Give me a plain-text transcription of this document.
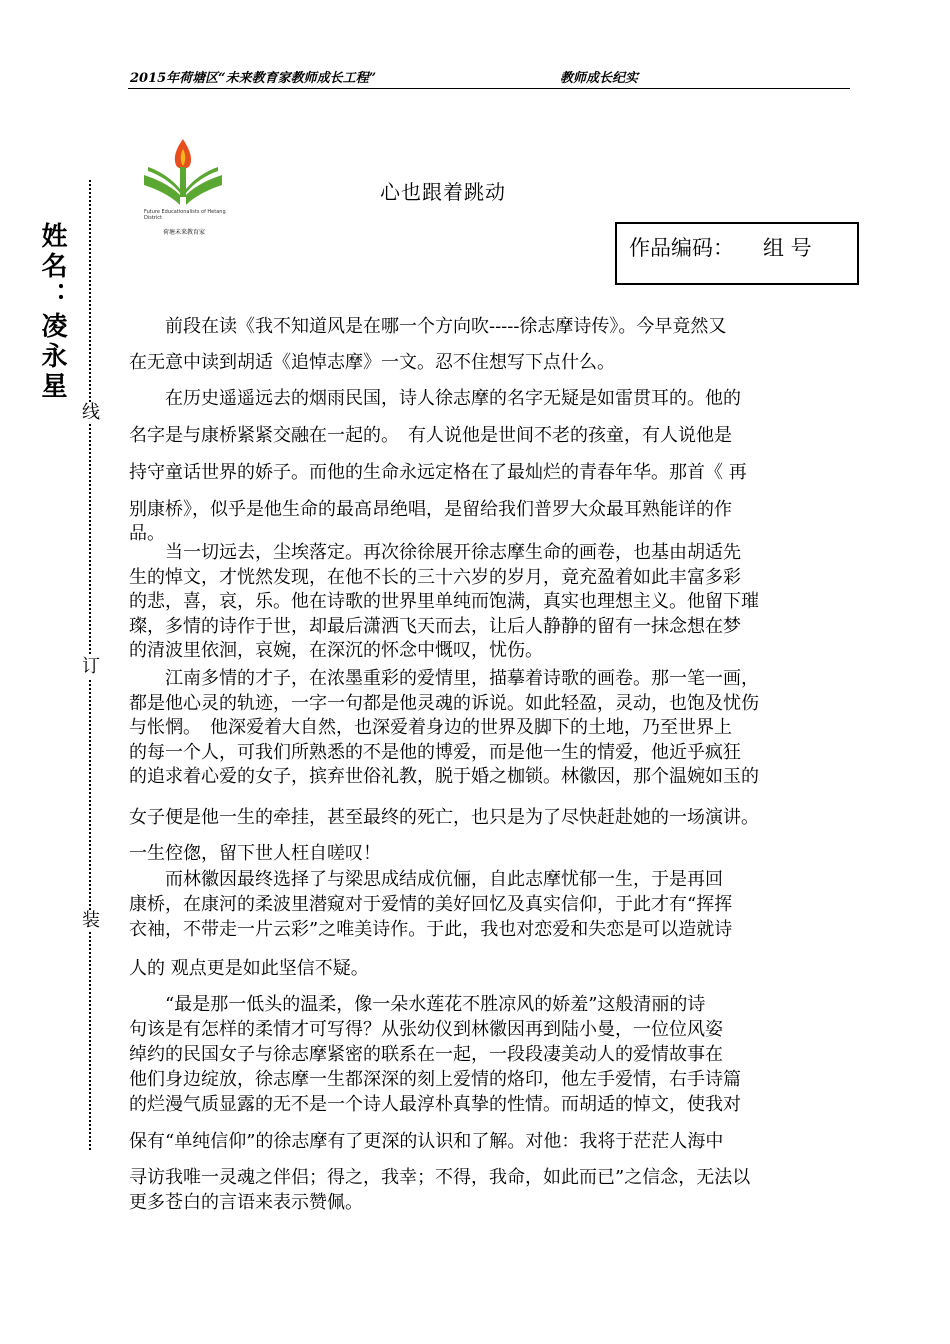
2015年荷塘区“未来教育家教师成长工程”	教师成长纪实
Future Educationalists of Hetang District
荷塘未来教育家
心也跟着跳动
作品编码： 组 号
姓名：凌永星
线
订
装
　　前段在读《我不知道风是在哪一个方向吹-----徐志摩诗传》。今早竟然又
在无意中读到胡适《追悼志摩》一文。忍不住想写下点什么。
　　在历史遥遥远去的烟雨民国，诗人徐志摩的名字无疑是如雷贯耳的。他的
名字是与康桥紧紧交融在一起的。　有人说他是世间不老的孩童，有人说他是
持守童话世界的娇子。而他的生命永远定格在了最灿烂的青春年华。那首《 再
别康桥》，似乎是他生命的最高昂绝唱，是留给我们普罗大众最耳熟能详的作
品。
　　当一切远去，尘埃落定。再次徐徐展开徐志摩生命的画卷，也基由胡适先
生的悼文，才恍然发现，在他不长的三十六岁的岁月，竟充盈着如此丰富多彩
的悲，喜，哀，乐。他在诗歌的世界里单纯而饱满，真实也理想主义。他留下璀
璨，多情的诗作于世，却最后潇洒飞天而去，让后人静静的留有一抹念想在梦
的清波里依洄，哀婉，在深沉的怀念中慨叹，忧伤。
　　江南多情的才子，在浓墨重彩的爱情里，描摹着诗歌的画卷。那一笔一画，
都是他心灵的轨迹，一字一句都是他灵魂的诉说。如此轻盈，灵动，也饱及忧伤
与怅惘。　他深爱着大自然，也深爱着身边的世界及脚下的土地，乃至世界上
的每一个人，可我们所熟悉的不是他的博爱，而是他一生的情爱，他近乎疯狂
的追求着心爱的女子，摈弃世俗礼教，脱于婚之枷锁。林徽因，那个温婉如玉的
女子便是他一生的牵挂，甚至最终的死亡，也只是为了尽快赶赴她的一场演讲。
一生倥偬，留下世人枉自嗟叹！
　　而林徽因最终选择了与梁思成结成伉俪，自此志摩忧郁一生，于是再回
康桥，在康河的柔波里潜窥对于爱情的美好回忆及真实信仰，于此才有“挥挥
衣袖，不带走一片云彩”之唯美诗作。于此，我也对恋爱和失恋是可以造就诗
人的 观点更是如此坚信不疑。
　　“最是那一低头的温柔，像一朵水莲花不胜凉风的娇羞”这般清丽的诗
句该是有怎样的柔情才可写得？从张幼仪到林徽因再到陆小曼，一位位风姿
绰约的民国女子与徐志摩紧密的联系在一起，一段段凄美动人的爱情故事在
他们身边绽放，徐志摩一生都深深的刻上爱情的烙印，他左手爱情，右手诗篇
的烂漫气质显露的无不是一个诗人最淳朴真挚的性情。而胡适的悼文，使我对
保有“单纯信仰”的徐志摩有了更深的认识和了解。对他：我将于茫茫人海中
寻访我唯一灵魂之伴侣；得之，我幸；不得，我命，如此而已”之信念，无法以
更多苍白的言语来表示赞佩。
